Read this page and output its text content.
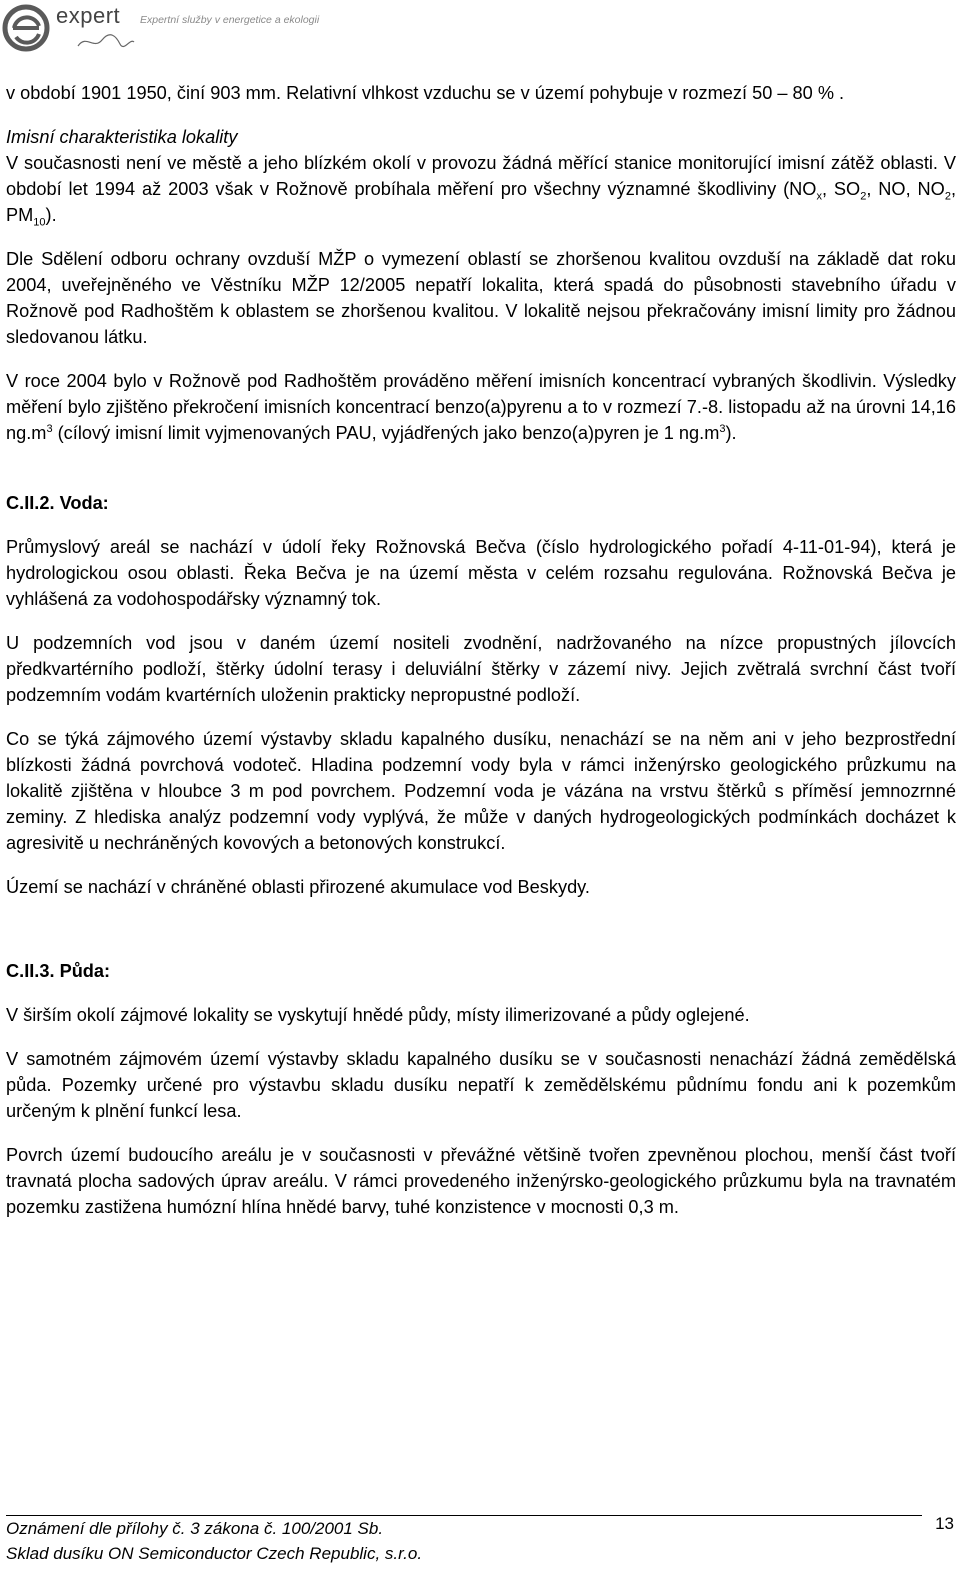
expert Expertní služby v energetice a ekologii

v období 1901 1950, činí 903 mm. Relativní vlhkost vzduchu se v území pohybuje v rozmezí 50 – 80 % .

Imisní charakteristika lokality

V současnosti není ve městě a jeho blízkém okolí v provozu žádná měřící stanice monitorující imisní zátěž oblasti. V období let 1994 až 2003 však v Rožnově probíhala měření pro všechny významné škodliviny ($NO_x$, $SO_2$, NO, $NO_2$, $PM_{10}$).

Dle Sdělení odboru ochrany ovzduší MŽP o vymezení oblastí se zhoršenou kvalitou ovzduší na základě dat roku 2004, uveřejněného ve Věstníku MŽP 12/2005 nepatří lokalita, která spadá do působnosti stavebního úřadu v Rožnově pod Radhoštěm k oblastem se zhoršenou kvalitou. V lokalitě nejsou překračovány imisní limity pro žádnou sledovanou látku.

V roce 2004 bylo v Rožnově pod Radhoštěm prováděno měření imisních koncentrací vybraných škodlivin. Výsledky měření bylo zjištěno překročení imisních koncentrací benzo(a)pyrenu a to v rozmezí 7.-8. listopadu až na úrovni 14,16 $ng.m^3$ (cílový imisní limit vyjmenovaných PAU, vyjádřených jako benzo(a)pyren je 1 $ng.m^3$).

C.II.2. Voda:

Průmyslový areál se nachází v údolí řeky Rožnovská Bečva (číslo hydrologického pořadí 4-11-01-94), která je hydrologickou osou oblasti. Řeka Bečva je na území města v celém rozsahu regulována. Rožnovská Bečva je vyhlášená za vodohospodářsky významný tok.

U podzemních vod jsou v daném území nositeli zvodnění, nadržovaného na nízce propustných jílovcích předkvartérního podloží, štěrky údolní terasy i deluviální štěrky v zázemí nivy. Jejich zvětralá svrchní část tvoří podzemním vodám kvartérních uloženin prakticky nepropustné podloží.

Co se týká zájmového území výstavby skladu kapalného dusíku, nenachází se na něm ani v jeho bezprostřední blízkosti žádná povrchová vodoteč. Hladina podzemní vody byla v rámci inženýrsko geologického průzkumu na lokalitě zjištěna v hloubce 3 m pod povrchem. Podzemní voda je vázána na vrstvu štěrků s příměsí jemnozrnné zeminy. Z hlediska analýz podzemní vody vyplývá, že může v daných hydrogeologických podmínkách docházet k agresivitě u nechráněných kovových a betonových konstrukcí.

Území se nachází v chráněné oblasti přirozené akumulace vod Beskydy.

C.II.3. Půda:

V širším okolí zájmové lokality se vyskytují hnědé půdy, místy ilimerizované a půdy oglejené.

V samotném zájmovém území výstavby skladu kapalného dusíku se v současnosti nenachází žádná zemědělská půda. Pozemky určené pro výstavbu skladu dusíku nepatří k zemědělskému půdnímu fondu ani k pozemkům určeným k plnění funkcí lesa.

Povrch území budoucího areálu je v současnosti v převážné většině tvořen zpevněnou plochou, menší část tvoří travnatá plocha sadových úprav areálu. V rámci provedeného inženýrsko-geologického průzkumu byla na travnatém pozemku zastižena humózní hlína hnědé barvy, tuhé konzistence v mocnosti 0,3 m.

Oznámení dle přílohy č. 3 zákona č. 100/2001 Sb.
Sklad dusíku ON Semiconductor Czech Republic, s.r.o.
13
